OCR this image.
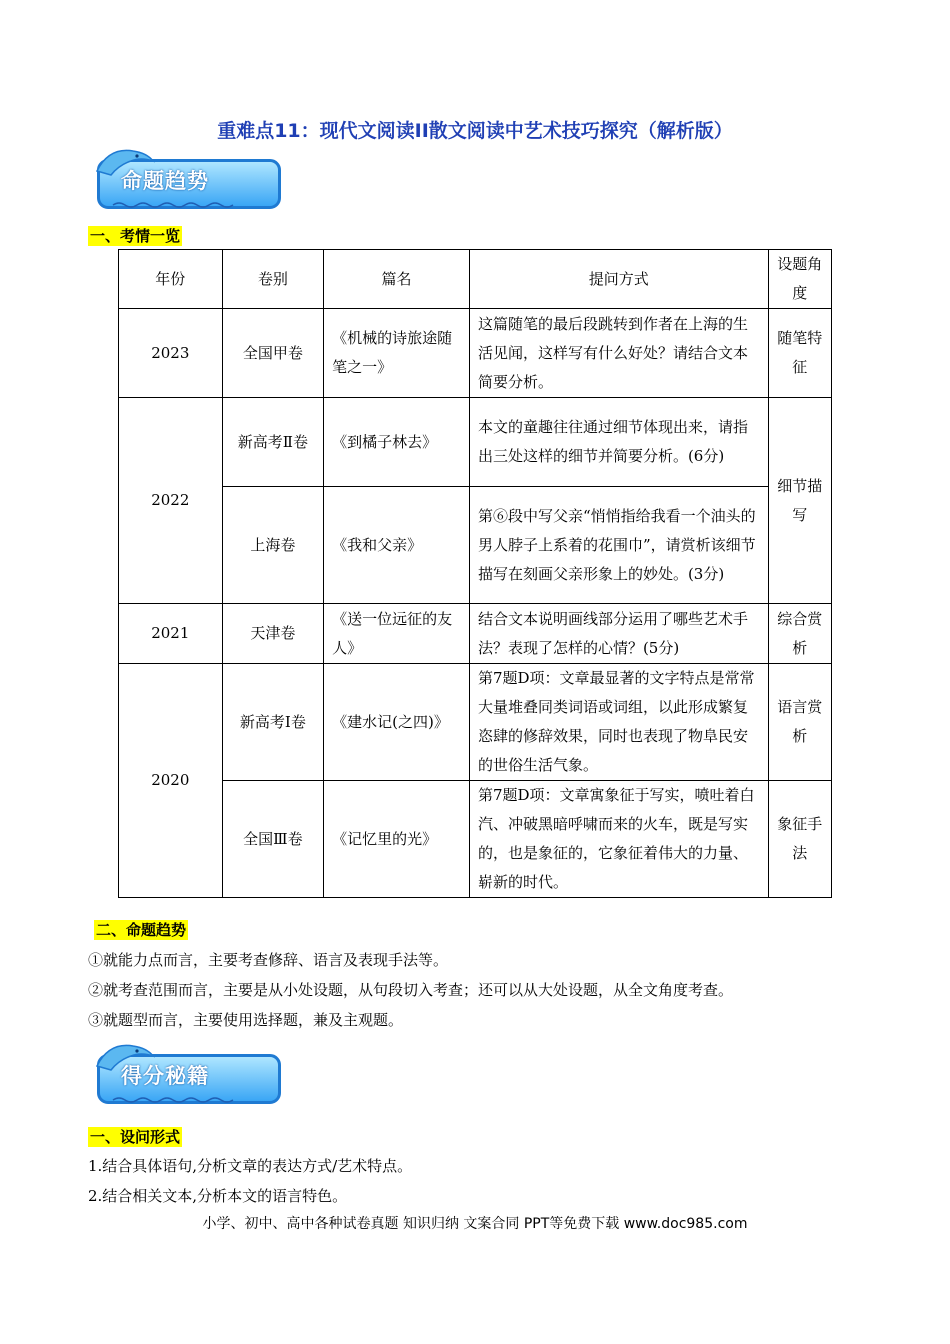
重难点11：现代文阅读II散文阅读中艺术技巧探究（解析版）
命题趋势
一、考情一览
年份	卷别	篇名	提问方式	设题角度
2023	全国甲卷	《机械的诗旅途随笔之一》	这篇随笔的最后段跳转到作者在上海的生活见闻，这样写有什么好处？请结合文本简要分析。	随笔特征
2022	新高考Ⅱ卷	《到橘子林去》	本文的童趣往往通过细节体现出来，请指出三处这样的细节并简要分析。(6分)	细节描写
	上海卷	《我和父亲》	第⑥段中写父亲“悄悄指给我看一个油头的男人脖子上系着的花围巾”，请赏析该细节描写在刻画父亲形象上的妙处。(3分)	
2021	天津卷	《送一位远征的友人》	结合文本说明画线部分运用了哪些艺术手法？表现了怎样的心情？(5分)	综合赏析
2020	新高考Ⅰ卷	《建水记(之四)》	第7题D项：文章最显著的文字特点是常常大量堆叠同类词语或词组，以此形成繁复恣肆的修辞效果，同时也表现了物阜民安的世俗生活气象。	语言赏析
	全国Ⅲ卷	《记忆里的光》	第7题D项：文章寓象征于写实，喷吐着白汽、冲破黑暗呼啸而来的火车，既是写实的，也是象征的，它象征着伟大的力量、崭新的时代。	象征手法
二、命题趋势
①就能力点而言，主要考查修辞、语言及表现手法等。
②就考查范围而言，主要是从小处设题，从句段切入考查；还可以从大处设题，从全文角度考查。
③就题型而言，主要使用选择题，兼及主观题。
得分秘籍
一、设问形式
1.结合具体语句,分析文章的表达方式/艺术特点。
2.结合相关文本,分析本文的语言特色。
小学、初中、高中各种试卷真题 知识归纳 文案合同 PPT等免费下载 www.doc985.com
